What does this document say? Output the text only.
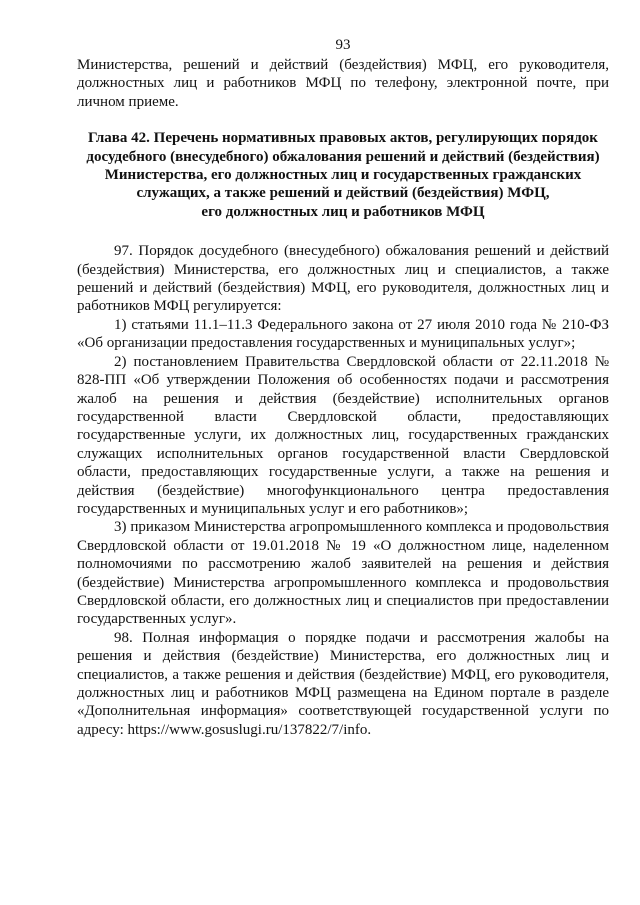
93

Министерства, решений и действий (бездействия) МФЦ, его руководителя, должностных лиц и работников МФЦ по телефону, электронной почте, при личном приеме.

Глава 42. Перечень нормативных правовых актов, регулирующих порядок
досудебного (внесудебного) обжалования решений и действий (бездействия)
Министерства, его должностных лиц и государственных гражданских
служащих, а также решений и действий (бездействия) МФЦ,
его должностных лиц и работников МФЦ

97. Порядок досудебного (внесудебного) обжалования решений и действий (бездействия) Министерства, его должностных лиц и специалистов, а также решений и действий (бездействия) МФЦ, его руководителя, должностных лиц и работников МФЦ регулируется:

1) статьями 11.1–11.3 Федерального закона от 27 июля 2010 года № 210-ФЗ «Об организации предоставления государственных и муниципальных услуг»;

2) постановлением Правительства Свердловской области от 22.11.2018 № 828-ПП «Об утверждении Положения об особенностях подачи и рассмотрения жалоб на решения и действия (бездействие) исполнительных органов государственной власти Свердловской области, предоставляющих государственные услуги, их должностных лиц, государственных гражданских служащих исполнительных органов государственной власти Свердловской области, предоставляющих государственные услуги, а также на решения и действия (бездействие) многофункционального центра предоставления государственных и муниципальных услуг и его работников»;

3) приказом Министерства агропромышленного комплекса и продовольствия Свердловской области от 19.01.2018 № 19 «О должностном лице, наделенном полномочиями по рассмотрению жалоб заявителей на решения и действия (бездействие) Министерства агропромышленного комплекса и продовольствия Свердловской области, его должностных лиц и специалистов при предоставлении государственных услуг».

98. Полная информация о порядке подачи и рассмотрения жалобы на решения и действия (бездействие) Министерства, его должностных лиц и специалистов, а также решения и действия (бездействие) МФЦ, его руководителя, должностных лиц и работников МФЦ размещена на Едином портале в разделе «Дополнительная информация» соответствующей государственной услуги по адресу: https://www.gosuslugi.ru/137822/7/info.
